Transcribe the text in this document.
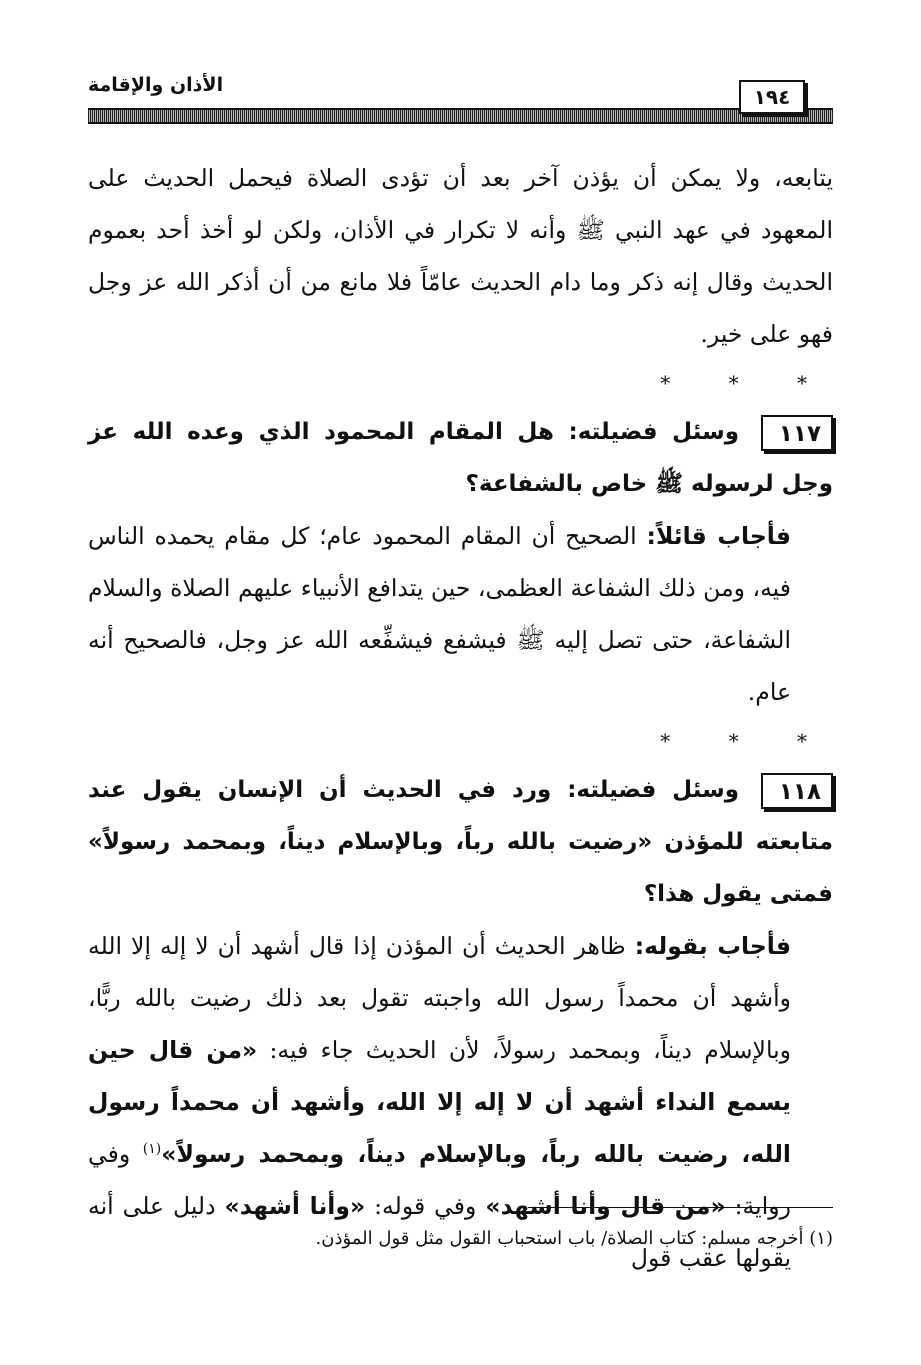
الأذان والإقامة	١٩٤

يتابعه، ولا يمكن أن يؤذن آخر بعد أن تؤدى الصلاة فيحمل الحديث على المعهود في عهد النبي ﷺ وأنه لا تكرار في الأذان، ولكن لو أخذ أحد بعموم الحديث وقال إنه ذكر وما دام الحديث عامّاً فلا مانع من أن أذكر الله عز وجل فهو على خير.

* * *

١١٧وسئل فضيلته: هل المقام المحمود الذي وعده الله عز وجل لرسوله ﷺ خاص بالشفاعة؟

فأجاب قائلاً: الصحيح أن المقام المحمود عام؛ كل مقام يحمده الناس فيه، ومن ذلك الشفاعة العظمى، حين يتدافع الأنبياء عليهم الصلاة والسلام الشفاعة، حتى تصل إليه ﷺ فيشفع فيشفِّعه الله عز وجل، فالصحيح أنه عام.

* * *

١١٨وسئل فضيلته: ورد في الحديث أن الإنسان يقول عند متابعته للمؤذن «رضيت بالله رباً، وبالإسلام ديناً، وبمحمد رسولاً» فمتى يقول هذا؟

فأجاب بقوله: ظاهر الحديث أن المؤذن إذا قال أشهد أن لا إله إلا الله وأشهد أن محمداً رسول الله واجبته تقول بعد ذلك رضيت بالله ربًّا، وبالإسلام ديناً، وبمحمد رسولاً، لأن الحديث جاء فيه: «من قال حين يسمع النداء أشهد أن لا إله إلا الله، وأشهد أن محمداً رسول الله، رضيت بالله رباً، وبالإسلام ديناً، وبمحمد رسولاً»$^{(١)}$ وفي رواية: «من قال وأنا أشهد» وفي قوله: «وأنا أشهد» دليل على أنه يقولها عقب قول

(١) أخرجه مسلم: كتاب الصلاة/ باب استحباب القول مثل قول المؤذن.
